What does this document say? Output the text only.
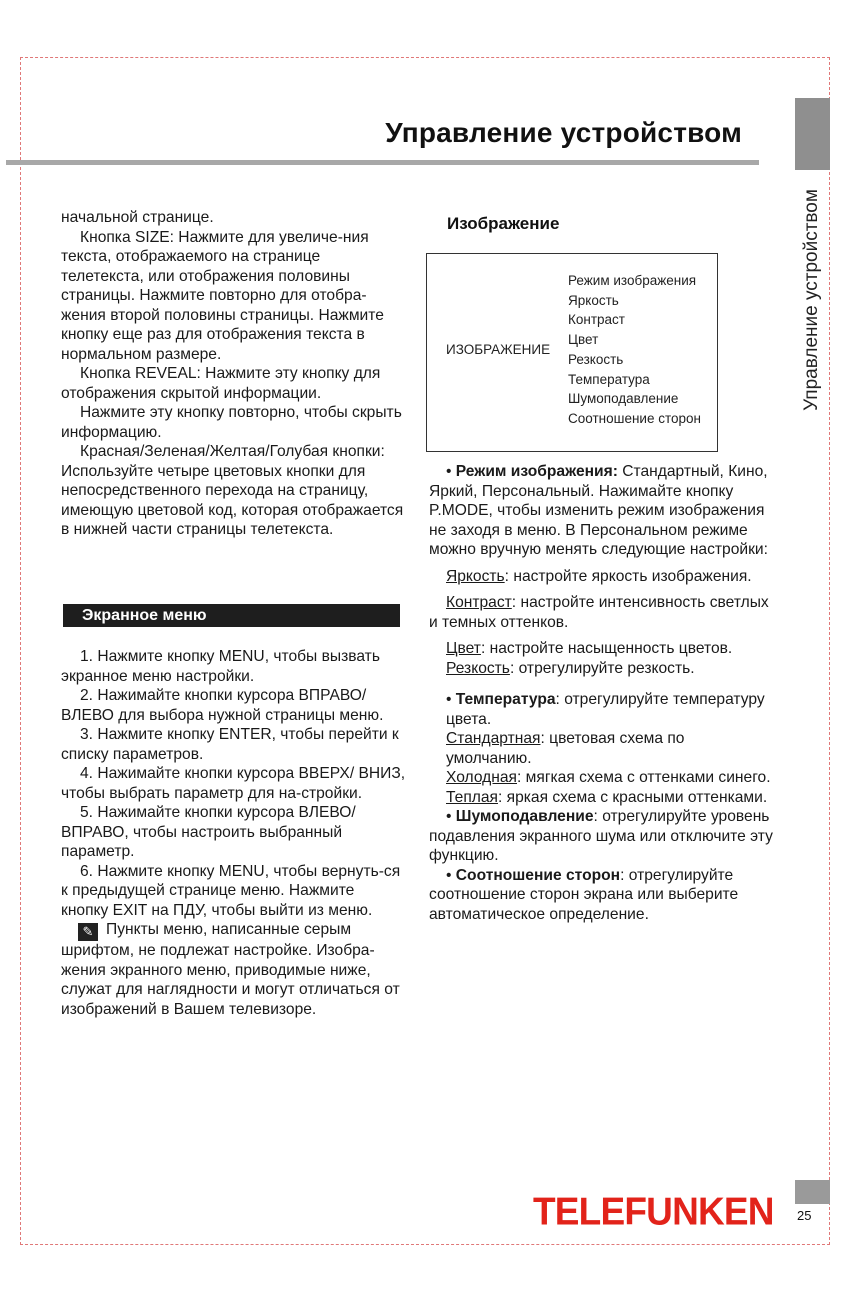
Управление устройством
Управление устройством

начальной странице.

Кнопка SIZE: Нажмите для увеличе-ния текста, отображаемого на странице телетекста, или отображения половины страницы. Нажмите повторно для отобра-жения второй половины страницы. Нажмите кнопку еще раз для отображения текста в нормальном размере.

Кнопка REVEAL: Нажмите эту кнопку для отображения скрытой информации.

Нажмите эту кнопку повторно, чтобы скрыть информацию.

Красная/Зеленая/Желтая/Голубая кнопки: Используйте четыре цветовых кнопки для непосредственного перехода на страницу, имеющую цветовой код, которая отображается в нижней части страницы телетекста.

Экранное меню

1. Нажмите кнопку MENU, чтобы вызвать экранное меню настройки.

2. Нажимайте кнопки курсора ВПРАВО/ ВЛЕВО для выбора нужной страницы меню.

3. Нажмите кнопку ENTER, чтобы перейти к списку параметров.

4. Нажимайте кнопки курсора ВВЕРХ/ ВНИЗ, чтобы выбрать параметр для на-стройки.

5. Нажимайте кнопки курсора ВЛЕВО/ ВПРАВО, чтобы настроить выбранный параметр.

6. Нажмите кнопку MENU, чтобы вернуть-ся к предыдущей странице меню. Нажмите кнопку EXIT на ПДУ, чтобы выйти из меню.

✎ Пункты меню, написанные серым шрифтом, не подлежат настройке. Изобра-жения экранного меню, приводимые ниже, служат для наглядности и могут отличаться от изображений в Вашем телевизоре.

Изображение
ИЗОБРАЖЕНИЕ
Режим изображения
Яркость
Контраст
Цвет
Резкость
Температура
Шумоподавление
Соотношение сторон

• Режим изображения: Стандартный, Кино, Яркий, Персональный. Нажимайте кнопку P.MODE, чтобы изменить режим изображения не заходя в меню. В Персональном режиме можно вручную менять следующие настройки:

Яркость: настройте яркость изображения.

Контраст: настройте интенсивность светлых и темных оттенков.

Цвет: настройте насыщенность цветов.

Резкость: отрегулируйте резкость.

• Температура: отрегулируйте температуру цвета.

Стандартная: цветовая схема по умолчанию.

Холодная: мягкая схема с оттенками синего.

Теплая: яркая схема с красными оттенками.

• Шумоподавление: отрегулируйте уровень подавления экранного шума или отключите эту функцию.

• Соотношение сторон: отрегулируйте соотношение сторон экрана или выберите автоматическое определение.

TELEFUNKEN 25
